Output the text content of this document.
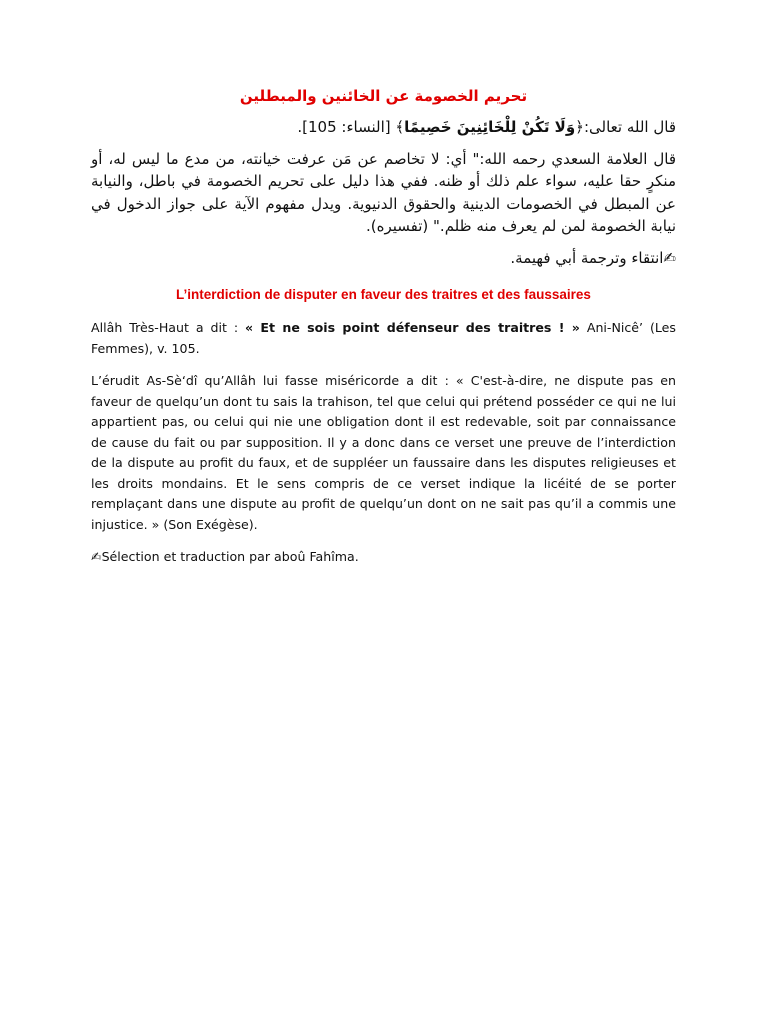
تحريم الخصومة عن الخائنين والمبطلين

قال الله تعالى:﴿وَلَا تَكُنْ لِلْخَائِنِينَ خَصِيمًا﴾ [النساء: 105].

قال العلامة السعدي رحمه الله:" أي: لا تخاصم عن مَن عرفت خيانته، من مدع ما ليس له، أو منكرٍ حقا عليه، سواء علم ذلك أو ظنه. ففي هذا دليل على تحريم الخصومة في باطل، والنيابة عن المبطل في الخصومات الدينية والحقوق الدنيوية. ويدل مفهوم الآية على جواز الدخول في نيابة الخصومة لمن لم يعرف منه ظلم." (تفسيره).

✍انتقاء وترجمة أبي فهيمة.

L’interdiction de disputer en faveur des traitres et des faussaires

Allâh Très-Haut a dit : « Et ne sois point défenseur des traitres ! » Ani-Nicê’ (Les Femmes), v. 105.

L’érudit As-Sè‘dî qu’Allâh lui fasse miséricorde a dit : « C'est-à-dire, ne dispute pas en faveur de quelqu’un dont tu sais la trahison, tel que celui qui prétend posséder ce qui ne lui appartient pas, ou celui qui nie une obligation dont il est redevable, soit par connaissance de cause du fait ou par supposition. Il y a donc dans ce verset une preuve de l’interdiction de la dispute au profit du faux, et de suppléer un faussaire dans les disputes religieuses et les droits mondains. Et le sens compris de ce verset indique la licéité de se porter remplaçant dans une dispute au profit de quelqu’un dont on ne sait pas qu’il a commis une injustice. » (Son Exégèse).

✍Sélection et traduction par aboû Fahîma.
